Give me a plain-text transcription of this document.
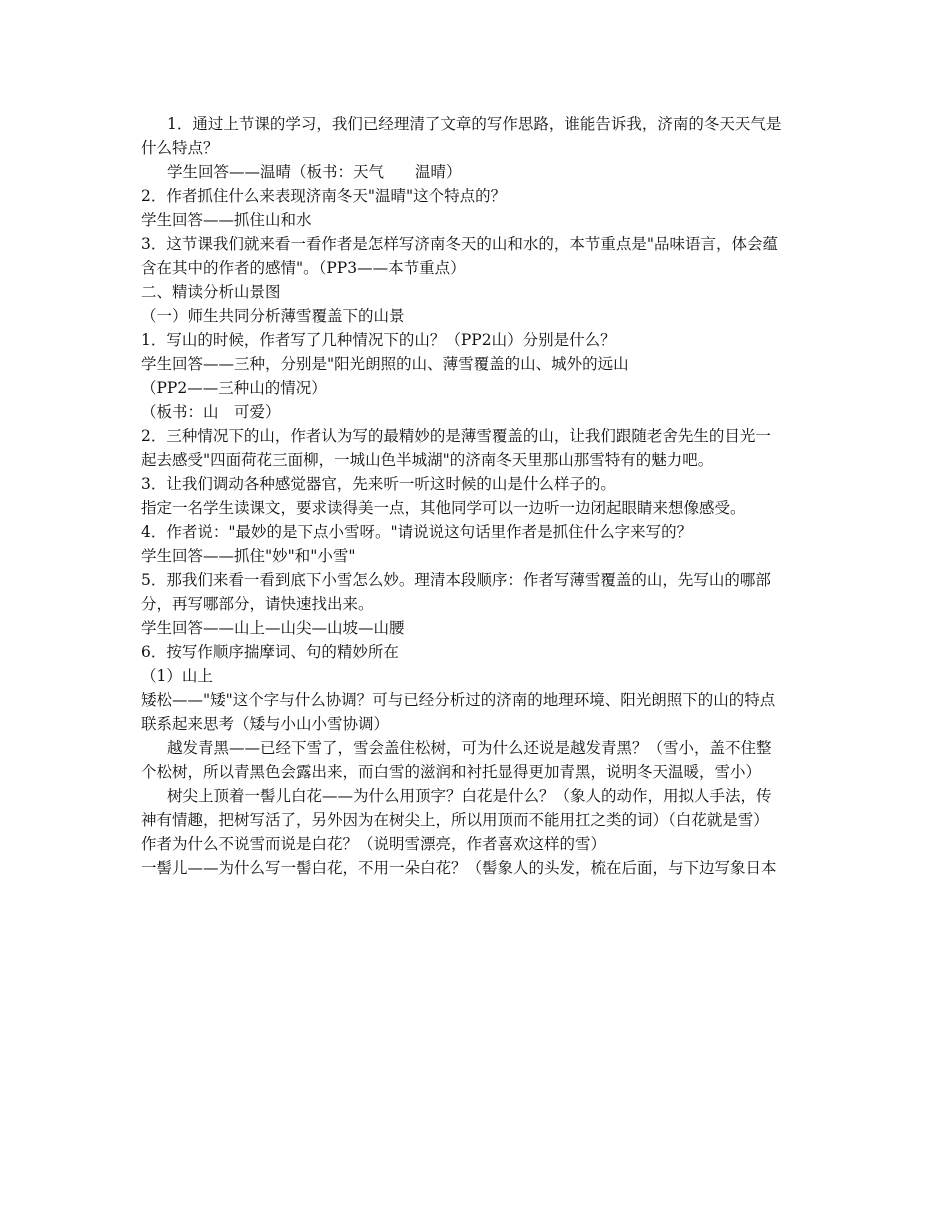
1．通过上节课的学习，我们已经理清了文章的写作思路，谁能告诉我，济南的冬天天气是

什么特点？

学生回答——温晴（板书：天气　　温晴）

2．作者抓住什么来表现济南冬天"温晴"这个特点的？

学生回答——抓住山和水

3．这节课我们就来看一看作者是怎样写济南冬天的山和水的，本节重点是"品味语言，体会蕴

含在其中的作者的感情"。（PP3——本节重点）

二、精读分析山景图

（一）师生共同分析薄雪覆盖下的山景

1．写山的时候，作者写了几种情况下的山？（PP2山）分别是什么？

学生回答——三种，分别是"阳光朗照的山、薄雪覆盖的山、城外的远山

（PP2——三种山的情况）

（板书：山　可爱）

2．三种情况下的山，作者认为写的最精妙的是薄雪覆盖的山，让我们跟随老舍先生的目光一

起去感受"四面荷花三面柳，一城山色半城湖"的济南冬天里那山那雪特有的魅力吧。

3．让我们调动各种感觉器官，先来听一听这时候的山是什么样子的。

指定一名学生读课文，要求读得美一点，其他同学可以一边听一边闭起眼睛来想像感受。

4．作者说："最妙的是下点小雪呀。"请说说这句话里作者是抓住什么字来写的？

学生回答——抓住"妙"和"小雪"

5．那我们来看一看到底下小雪怎么妙。理清本段顺序：作者写薄雪覆盖的山，先写山的哪部

分，再写哪部分，请快速找出来。

学生回答——山上—山尖—山坡—山腰

6．按写作顺序揣摩词、句的精妙所在

（1）山上

矮松——"矮"这个字与什么协调？可与已经分析过的济南的地理环境、阳光朗照下的山的特点

联系起来思考（矮与小山小雪协调）

越发青黑——已经下雪了，雪会盖住松树，可为什么还说是越发青黑？（雪小，盖不住整

个松树，所以青黑色会露出来，而白雪的滋润和衬托显得更加青黑，说明冬天温暖，雪小）

树尖上顶着一髻儿白花——为什么用顶字？白花是什么？（象人的动作，用拟人手法，传

神有情趣，把树写活了，另外因为在树尖上，所以用顶而不能用扛之类的词）（白花就是雪）

作者为什么不说雪而说是白花？（说明雪漂亮，作者喜欢这样的雪）

一髻儿——为什么写一髻白花，不用一朵白花？（髻象人的头发，梳在后面，与下边写象日本
